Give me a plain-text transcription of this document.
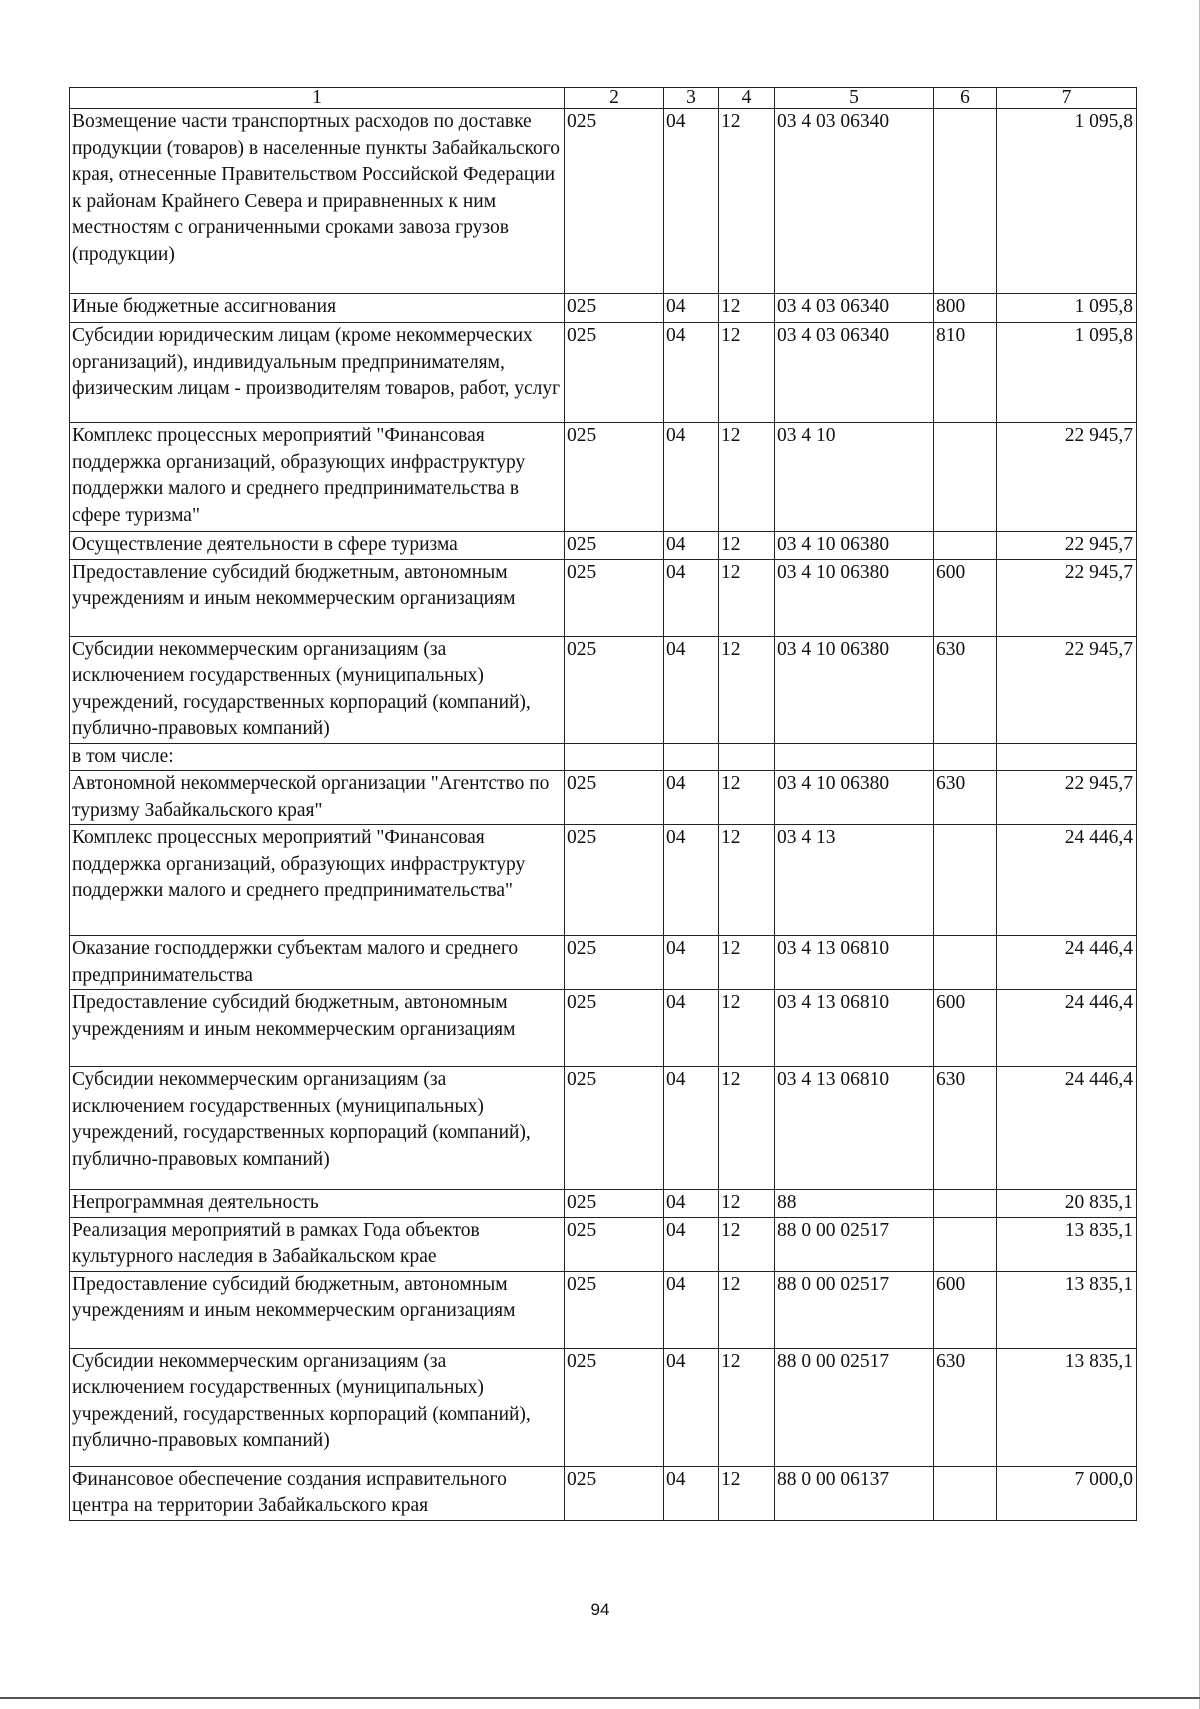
1	2	3	4	5	6	7
Возмещение части транспортных расходов по доставке продукции (товаров) в населенные пункты Забайкальского края, отнесенные Правительством Российской Федерации к районам Крайнего Севера и приравненных к ним местностям с ограниченными сроками завоза грузов (продукции)	025	04	12	03 4 03 06340		1 095,8
Иные бюджетные ассигнования	025	04	12	03 4 03 06340	800	1 095,8
Субсидии юридическим лицам (кроме некоммерческих организаций), индивидуальным предпринимателям, физическим лицам - производителям товаров, работ, услуг	025	04	12	03 4 03 06340	810	1 095,8
Комплекс процессных мероприятий "Финансовая поддержка организаций, образующих инфраструктуру поддержки малого и среднего предпринимательства в сфере туризма"	025	04	12	03 4 10		22 945,7
Осуществление деятельности в сфере туризма	025	04	12	03 4 10 06380		22 945,7
Предоставление субсидий бюджетным, автономным учреждениям и иным некоммерческим организациям	025	04	12	03 4 10 06380	600	22 945,7
Субсидии некоммерческим организациям (за исключением государственных (муниципальных) учреждений, государственных корпораций (компаний), публично-правовых компаний)	025	04	12	03 4 10 06380	630	22 945,7
в том числе:						
Автономной некоммерческой организации "Агентство по туризму Забайкальского края"	025	04	12	03 4 10 06380	630	22 945,7
Комплекс процессных мероприятий "Финансовая поддержка организаций, образующих инфраструктуру поддержки малого и среднего предпринимательства"	025	04	12	03 4 13		24 446,4
Оказание господдержки субъектам малого и среднего предпринимательства	025	04	12	03 4 13 06810		24 446,4
Предоставление субсидий бюджетным, автономным учреждениям и иным некоммерческим организациям	025	04	12	03 4 13 06810	600	24 446,4
Субсидии некоммерческим организациям (за исключением государственных (муниципальных) учреждений, государственных корпораций (компаний), публично-правовых компаний)	025	04	12	03 4 13 06810	630	24 446,4
Непрограммная деятельность	025	04	12	88		20 835,1
Реализация мероприятий в рамках Года объектов культурного наследия в Забайкальском крае	025	04	12	88 0 00 02517		13 835,1
Предоставление субсидий бюджетным, автономным учреждениям и иным некоммерческим организациям	025	04	12	88 0 00 02517	600	13 835,1
Субсидии некоммерческим организациям (за исключением государственных (муниципальных) учреждений, государственных корпораций (компаний), публично-правовых компаний)	025	04	12	88 0 00 02517	630	13 835,1
Финансовое обеспечение создания исправительного центра на территории Забайкальского края	025	04	12	88 0 00 06137		7 000,0
94
